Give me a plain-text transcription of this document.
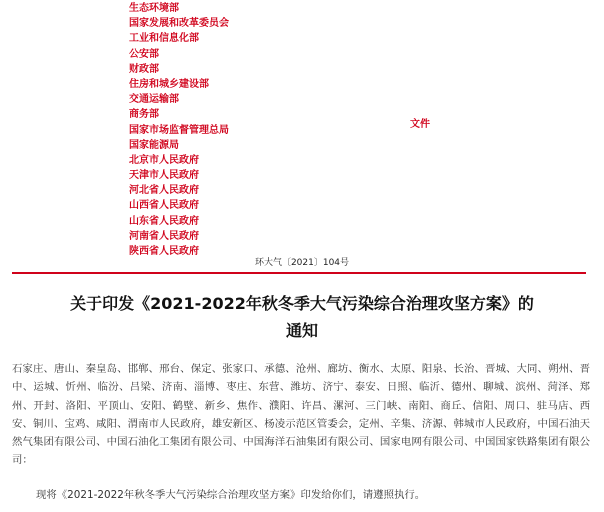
生态环境部
国家发展和改革委员会
工业和信息化部
公安部
财政部
住房和城乡建设部
交通运输部
商务部
国家市场监督管理总局
国家能源局
北京市人民政府
天津市人民政府
河北省人民政府
山西省人民政府
山东省人民政府
河南省人民政府
陕西省人民政府
文件
环大气〔2021〕104号
关于印发《2021-2022年秋冬季大气污染综合治理攻坚方案》的
通知
石家庄、唐山、秦皇岛、邯郸、邢台、保定、张家口、承德、沧州、廊坊、衡水、太原、阳泉、长治、晋城、大同、朔州、晋中、运城、忻州、临汾、吕梁、济南、淄博、枣庄、东营、潍坊、济宁、泰安、日照、临沂、德州、聊城、滨州、菏泽、郑州、开封、洛阳、平顶山、安阳、鹤壁、新乡、焦作、濮阳、许昌、漯河、三门峡、南阳、商丘、信阳、周口、驻马店、西安、铜川、宝鸡、咸阳、渭南市人民政府，雄安新区、杨凌示范区管委会，定州、辛集、济源、韩城市人民政府，中国石油天然气集团有限公司、中国石油化工集团有限公司、中国海洋石油集团有限公司、国家电网有限公司、中国国家铁路集团有限公司：
现将《2021-2022年秋冬季大气污染综合治理攻坚方案》印发给你们，请遵照执行。
